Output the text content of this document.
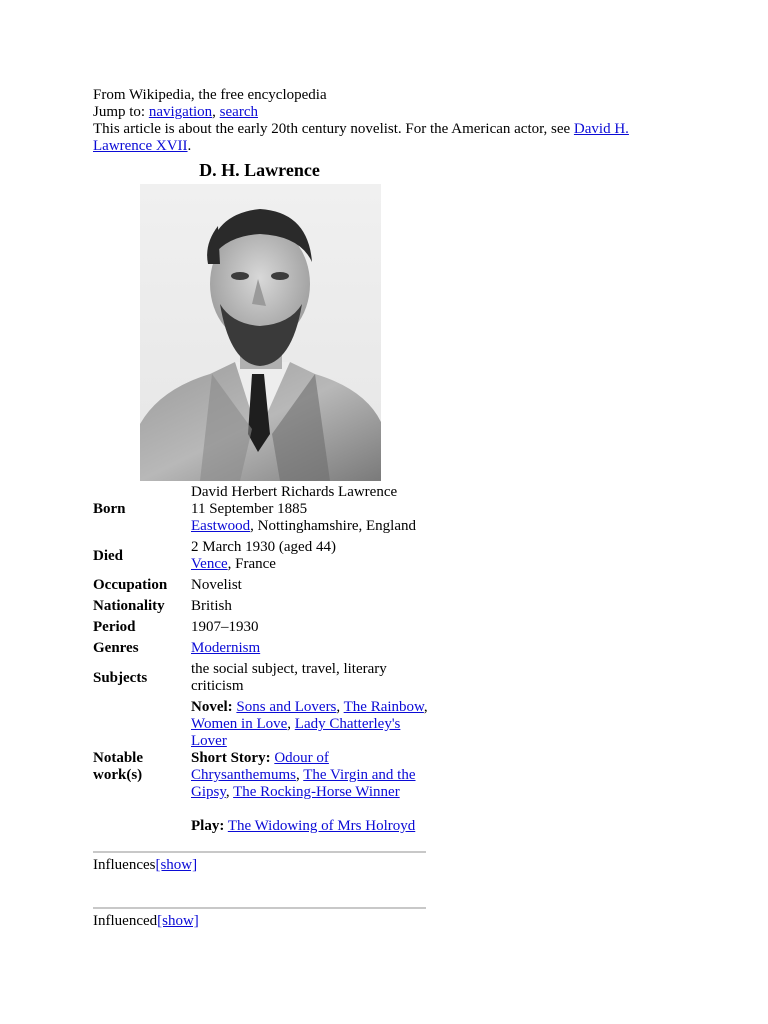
From Wikipedia, the free encyclopedia
Jump to: navigation, search
This article is about the early 20th century novelist. For the American actor, see David H.
Lawrence XVII.
D. H. Lawrence
Born	David Herbert Richards Lawrence
11 September 1885
Eastwood, Nottinghamshire, England

Died	2 March 1930 (aged 44)
Vence, France

Occupation	Novelist
Nationality	British
Period	1907–1930
Genres	Modernism
Subjects	the social subject, travel, literary criticism
Notable
work(s)	Novel: Sons and Lovers, The Rainbow, Women in Love, Lady Chatterley's Lover
Short Story: Odour of Chrysanthemums, The Virgin and the Gipsy, The Rocking-Horse Winner
Play: The Widowing of Mrs Holroyd
Influences[show]
Influenced[show]
